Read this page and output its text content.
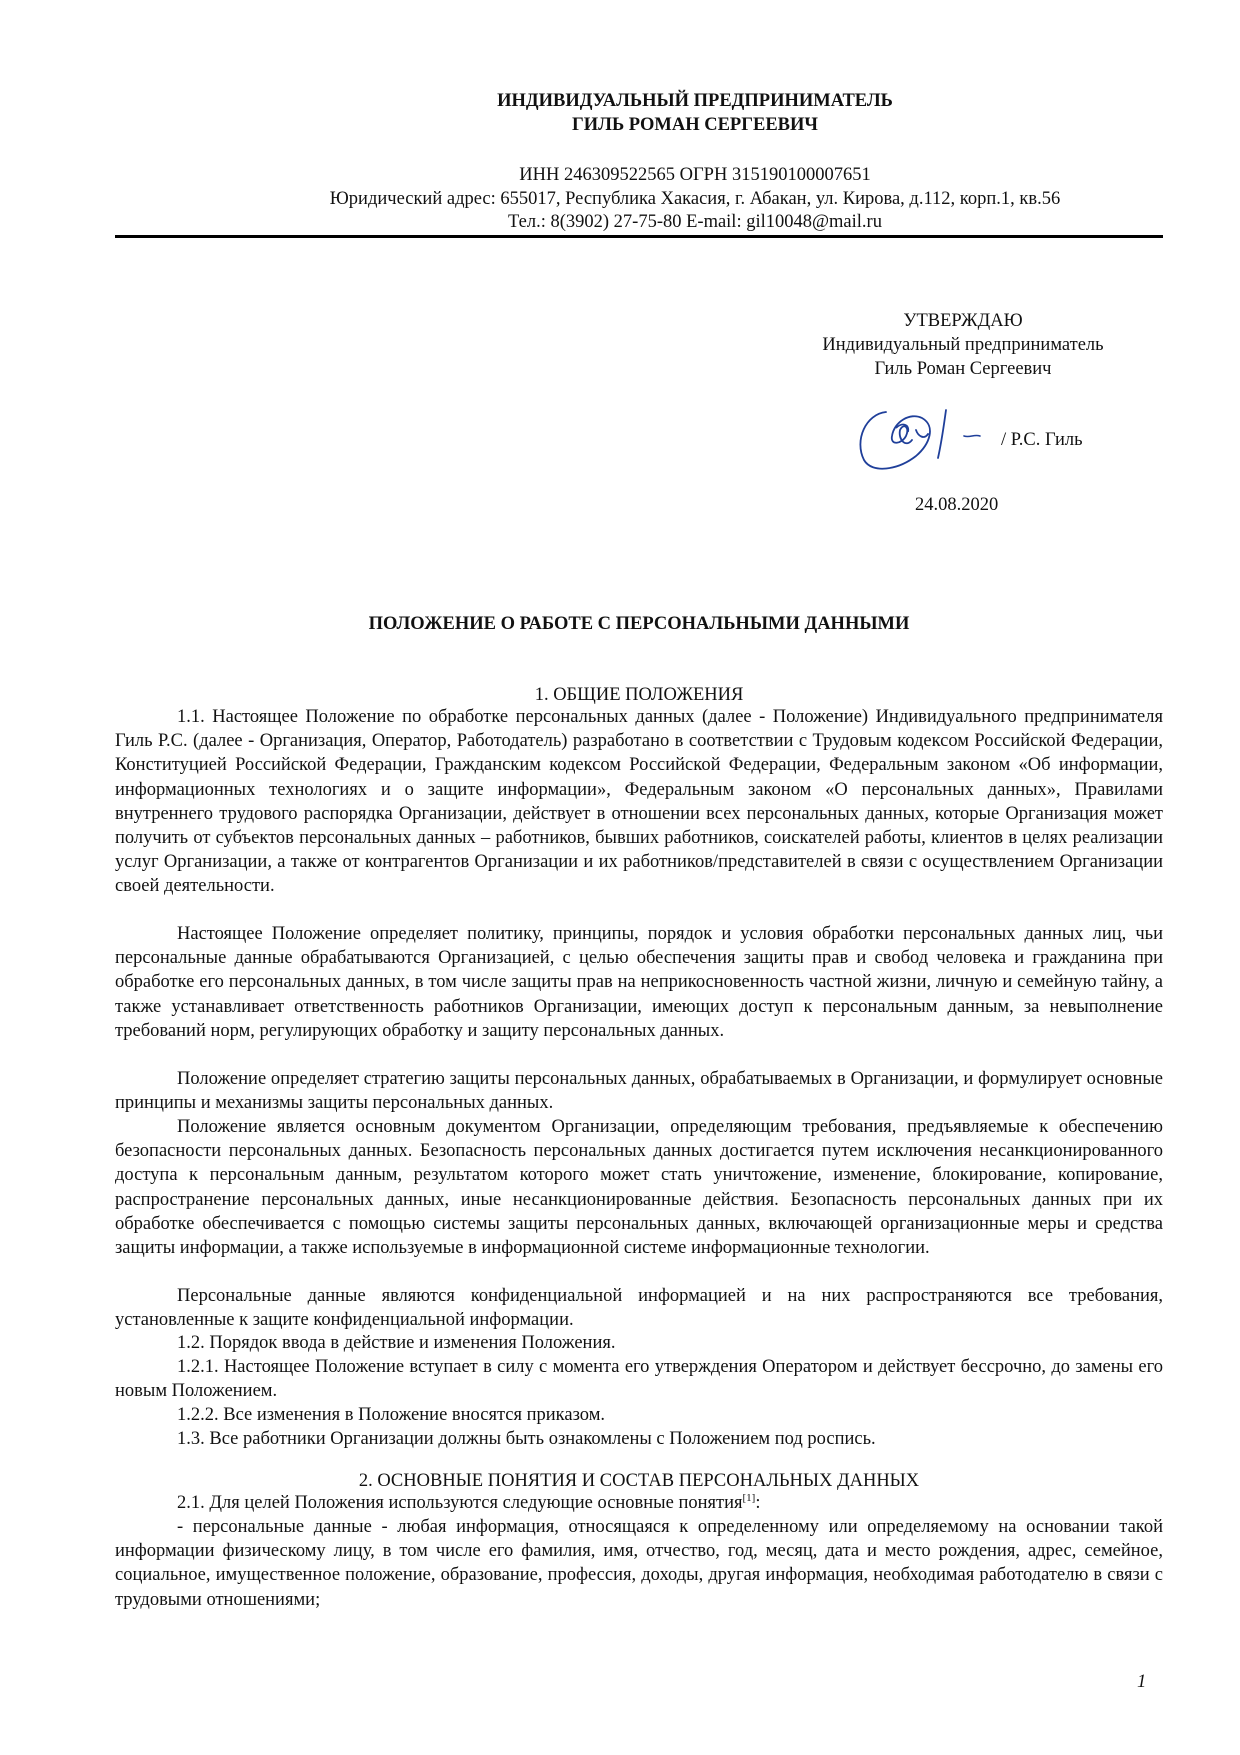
ИНДИВИДУАЛЬНЫЙ ПРЕДПРИНИМАТЕЛЬ
ГИЛЬ РОМАН СЕРГЕЕВИЧ
ИНН 246309522565 ОГРН 315190100007651
Юридический адрес: 655017, Республика Хакасия, г. Абакан, ул. Кирова, д.112, корп.1, кв.56
Тел.: 8(3902) 27-75-80 E-mail: gil10048@mail.ru
УТВЕРЖДАЮ
Индивидуальный предприниматель
Гиль Роман Сергеевич
/ Р.С. Гиль
24.08.2020
ПОЛОЖЕНИЕ О РАБОТЕ С ПЕРСОНАЛЬНЫМИ ДАННЫМИ
1. ОБЩИЕ ПОЛОЖЕНИЯ

1.1. Настоящее Положение по обработке персональных данных (далее - Положение) Индивидуального предпринимателя Гиль Р.С. (далее - Организация, Оператор, Работодатель) разработано в соответствии с Трудовым кодексом Российской Федерации, Конституцией Российской Федерации, Гражданским кодексом Российской Федерации, Федеральным законом «Об информации, информационных технологиях и о защите информации», Федеральным законом «О персональных данных», Правилами внутреннего трудового распорядка Организации, действует в отношении всех персональных данных, которые Организация может получить от субъектов персональных данных – работников, бывших работников, соискателей работы, клиентов в целях реализации услуг Организации, а также от контрагентов Организации и их работников/представителей в связи с осуществлением Организации своей деятельности.

Настоящее Положение определяет политику, принципы, порядок и условия обработки персональных данных лиц, чьи персональные данные обрабатываются Организацией, с целью обеспечения защиты прав и свобод человека и гражданина при обработке его персональных данных, в том числе защиты прав на неприкосновенность частной жизни, личную и семейную тайну, а также устанавливает ответственность работников Организации, имеющих доступ к персональным данным, за невыполнение требований норм, регулирующих обработку и защиту персональных данных.

Положение определяет стратегию защиты персональных данных, обрабатываемых в Организации, и формулирует основные принципы и механизмы защиты персональных данных.

Положение является основным документом Организации, определяющим требования, предъявляемые к обеспечению безопасности персональных данных. Безопасность персональных данных достигается путем исключения несанкционированного доступа к персональным данным, результатом которого может стать уничтожение, изменение, блокирование, копирование, распространение персональных данных, иные несанкционированные действия. Безопасность персональных данных при их обработке обеспечивается с помощью системы защиты персональных данных, включающей организационные меры и средства защиты информации, а также используемые в информационной системе информационные технологии.

Персональные данные являются конфиденциальной информацией и на них распространяются все требования, установленные к защите конфиденциальной информации.

1.2. Порядок ввода в действие и изменения Положения.

1.2.1. Настоящее Положение вступает в силу с момента его утверждения Оператором и действует бессрочно, до замены его новым Положением.

1.2.2. Все изменения в Положение вносятся приказом.

1.3. Все работники Организации должны быть ознакомлены с Положением под роспись.

2. ОСНОВНЫЕ ПОНЯТИЯ И СОСТАВ ПЕРСОНАЛЬНЫХ ДАННЫХ

2.1. Для целей Положения используются следующие основные понятия[1]:

- персональные данные - любая информация, относящаяся к определенному или определяемому на основании такой информации физическому лицу, в том числе его фамилия, имя, отчество, год, месяц, дата и место рождения, адрес, семейное, социальное, имущественное положение, образование, профессия, доходы, другая информация, необходимая работодателю в связи с трудовыми отношениями;

1
